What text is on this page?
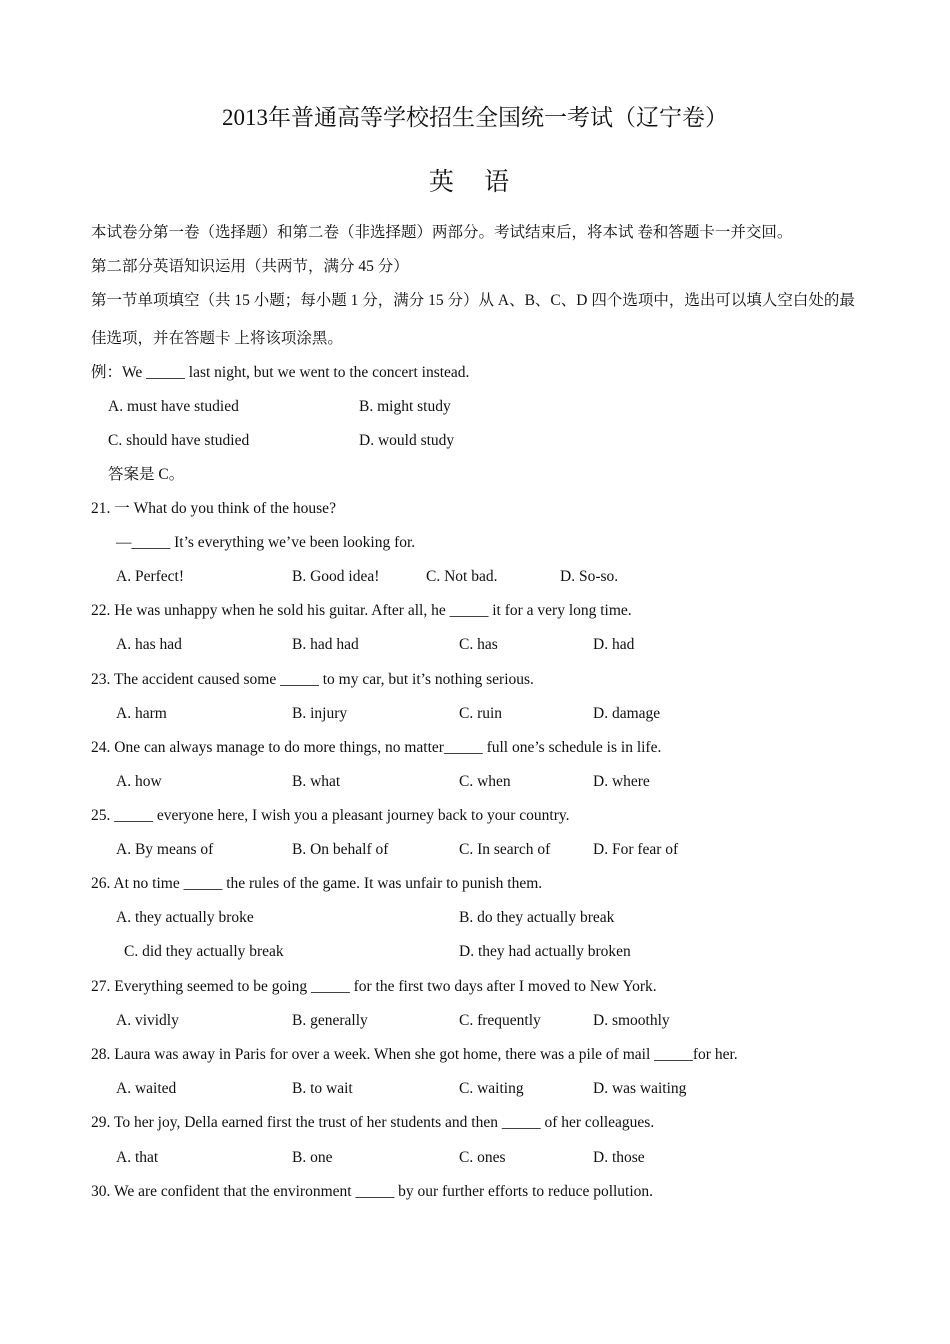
2013年普通高等学校招生全国统一考试（辽宁卷）
英 语
本试卷分第一卷（选择题）和第二卷（非选择题）两部分。考试结束后，将本试 卷和答题卡一并交回。
第二部分英语知识运用（共两节，满分 45 分）
第一节单项填空（共 15 小题；每小题 1 分，满分 15 分）从 A、B、C、D 四个选项中，选出可以填人空白处的最
佳选项，并在答题卡 上将该项涂黑。
例：We _____ last night, but we went to the concert instead.
A. must have studied	B. might study
C. should have studied	D. would study
答案是 C。
21. 一 What do you think of the house?
—_____ It’s everything we’ve been looking for.
A. Perfect!	B. Good idea!	C. Not bad.	D. So-so.
22. He was unhappy when he sold his guitar. After all, he _____ it for a very long time.
A. has had	B. had had	C. has	D. had
23. The accident caused some _____ to my car, but it’s nothing serious.
A. harm	B. injury	C. ruin	D. damage
24. One can always manage to do more things, no matter_____ full one’s schedule is in life.
A. how	B. what	C. when	D. where
25. _____ everyone here, I wish you a pleasant journey back to your country.
A. By means of	B. On behalf of	C. In search of	D. For fear of
26. At no time _____ the rules of the game. It was unfair to punish them.
A. they actually broke	B. do they actually break
C. did they actually break	D. they had actually broken
27. Everything seemed to be going _____ for the first two days after I moved to New York.
A. vividly	B. generally	C. frequently	D. smoothly
28. Laura was away in Paris for over a week. When she got home, there was a pile of mail _____for her.
A. waited	B. to wait	C. waiting	D. was waiting
29. To her joy, Della earned first the trust of her students and then _____ of her colleagues.
A. that	B. one	C. ones	D. those
30. We are confident that the environment _____ by our further efforts to reduce pollution.
